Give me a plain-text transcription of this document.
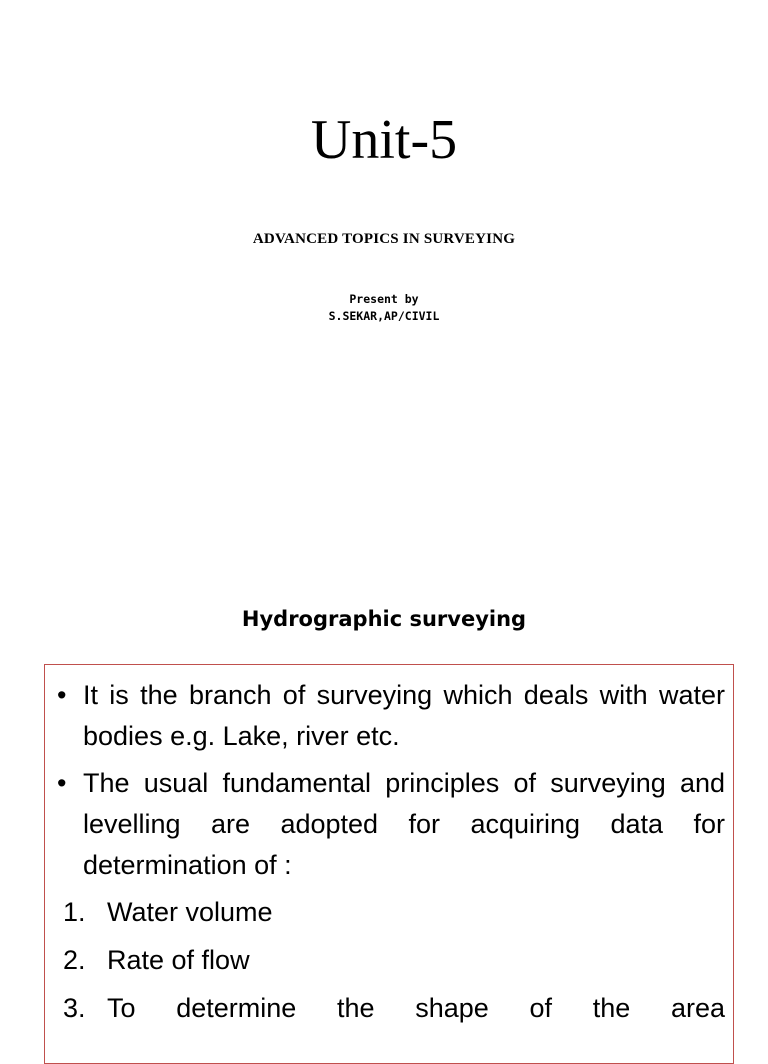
Unit-5
ADVANCED TOPICS IN SURVEYING
Present by
S.SEKAR,AP/CIVIL
Hydrographic surveying
• It is the branch of surveying which deals with water bodies e.g. Lake, river etc.
• The usual fundamental principles of surveying and levelling are adopted for acquiring data for determination of :
1. Water volume
2. Rate of flow
3. To determine the shape of the area
